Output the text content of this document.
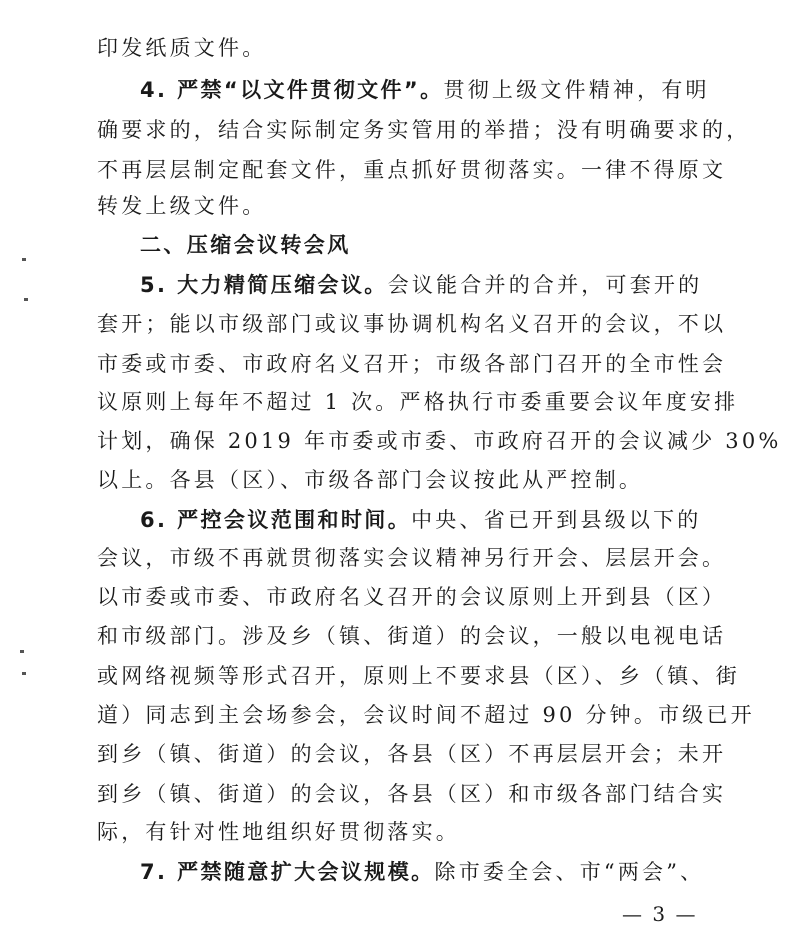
印发纸质文件。
4. 严禁“以文件贯彻文件”。贯彻上级文件精神，有明
确要求的，结合实际制定务实管用的举措；没有明确要求的，
不再层层制定配套文件，重点抓好贯彻落实。一律不得原文
转发上级文件。
二、压缩会议转会风
5. 大力精简压缩会议。会议能合并的合并，可套开的
套开；能以市级部门或议事协调机构名义召开的会议，不以
市委或市委、市政府名义召开；市级各部门召开的全市性会
议原则上每年不超过 1 次。严格执行市委重要会议年度安排
计划，确保 2019 年市委或市委、市政府召开的会议减少 30%
以上。各县（区）、市级各部门会议按此从严控制。
6. 严控会议范围和时间。中央、省已开到县级以下的
会议，市级不再就贯彻落实会议精神另行开会、层层开会。
以市委或市委、市政府名义召开的会议原则上开到县（区）
和市级部门。涉及乡（镇、街道）的会议，一般以电视电话
或网络视频等形式召开，原则上不要求县（区）、乡（镇、街
道）同志到主会场参会，会议时间不超过 90 分钟。市级已开
到乡（镇、街道）的会议，各县（区）不再层层开会；未开
到乡（镇、街道）的会议，各县（区）和市级各部门结合实
际，有针对性地组织好贯彻落实。
7. 严禁随意扩大会议规模。除市委全会、市“两会”、
— 3 —
